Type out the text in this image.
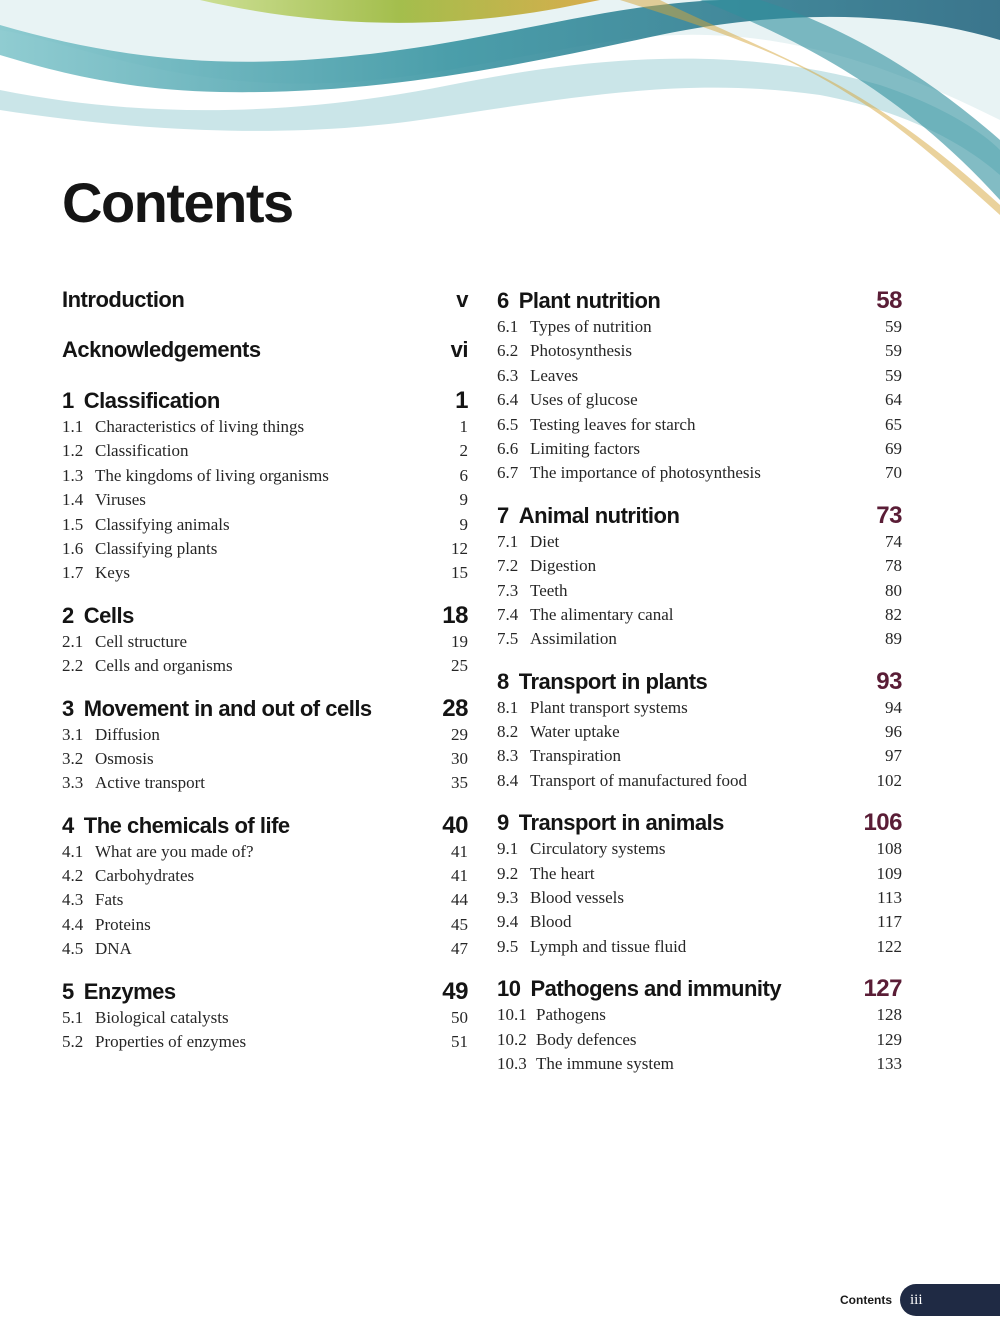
Contents
Introduction	v
Acknowledgements	vi
1 Classification	1
1.1 Characteristics of living things	1
1.2 Classification	2
1.3 The kingdoms of living organisms	6
1.4 Viruses	9
1.5 Classifying animals	9
1.6 Classifying plants	12
1.7 Keys	15
2 Cells	18
2.1 Cell structure	19
2.2 Cells and organisms	25
3 Movement in and out of cells	28
3.1 Diffusion	29
3.2 Osmosis	30
3.3 Active transport	35
4 The chemicals of life	40
4.1 What are you made of?	41
4.2 Carbohydrates	41
4.3 Fats	44
4.4 Proteins	45
4.5 DNA	47
5 Enzymes	49
5.1 Biological catalysts	50
5.2 Properties of enzymes	51
6 Plant nutrition	58
6.1 Types of nutrition	59
6.2 Photosynthesis	59
6.3 Leaves	59
6.4 Uses of glucose	64
6.5 Testing leaves for starch	65
6.6 Limiting factors	69
6.7 The importance of photosynthesis	70
7 Animal nutrition	73
7.1 Diet	74
7.2 Digestion	78
7.3 Teeth	80
7.4 The alimentary canal	82
7.5 Assimilation	89
8 Transport in plants	93
8.1 Plant transport systems	94
8.2 Water uptake	96
8.3 Transpiration	97
8.4 Transport of manufactured food	102
9 Transport in animals	106
9.1 Circulatory systems	108
9.2 The heart	109
9.3 Blood vessels	113
9.4 Blood	117
9.5 Lymph and tissue fluid	122
10 Pathogens and immunity	127
10.1 Pathogens	128
10.2 Body defences	129
10.3 The immune system	133
Contents iii
